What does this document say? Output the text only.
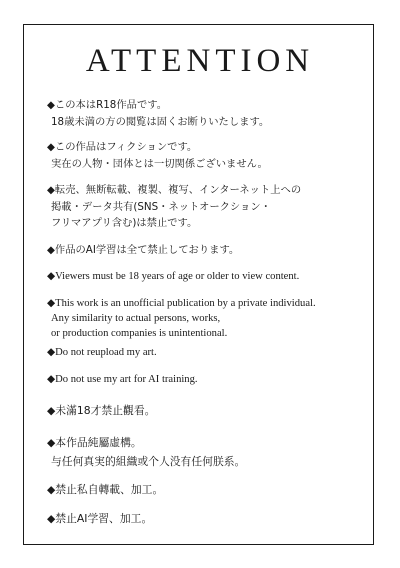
ATTENTION
◆この本はR18作品です。
18歳未満の方の閲覧は固くお断りいたします。
◆この作品はフィクションです。
実在の人物・団体とは一切関係ございません。
◆転売、無断転載、複製、複写、インターネット上への
掲載・データ共有(SNS・ネットオークション・
フリマアプリ含む)は禁止です。
◆作品のAI学習は全て禁止しております。
◆Viewers must be 18 years of age or older to view content.
◆This work is an unofficial publication by a private individual.
Any similarity to actual persons, works,
or production companies is unintentional.
◆Do not reupload my art.
◆Do not use my art for AI training.
◆未滿18才禁止觀看。
◆本作品純屬虛構。
与任何真実的組織或个人没有任何朕系。
◆禁止私自轉載、加工。
◆禁止AI学習、加工。
